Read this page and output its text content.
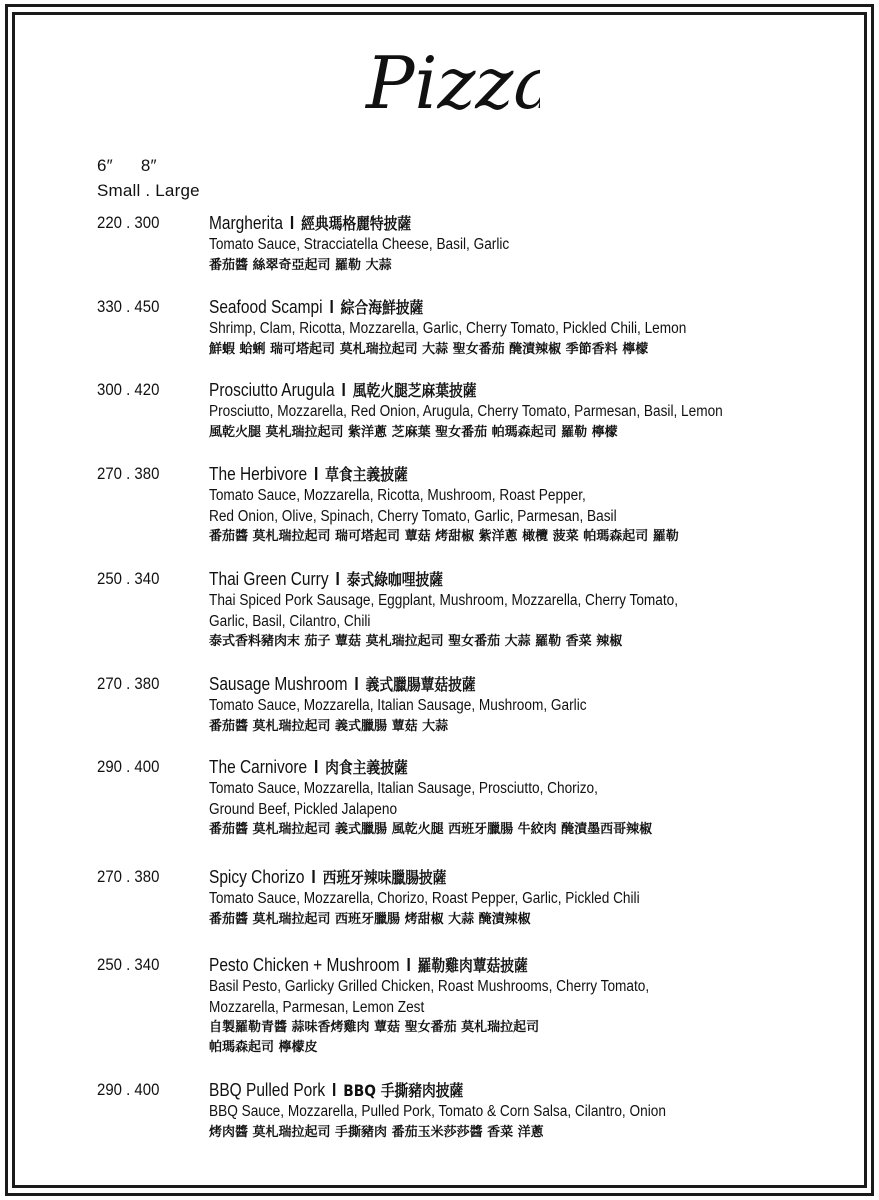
Pizza
6″ 8″
Small . Large
220 . 300	Margherita I 經典瑪格麗特披薩
Tomato Sauce, Stracciatella Cheese, Basil, Garlic
番茄醬 絲翠奇亞起司 羅勒 大蒜
330 . 450	Seafood Scampi I 綜合海鮮披薩
Shrimp, Clam, Ricotta, Mozzarella, Garlic, Cherry Tomato, Pickled Chili, Lemon
鮮蝦 蛤蜊 瑞可塔起司 莫札瑞拉起司 大蒜 聖女番茄 醃漬辣椒 季節香料 檸檬
300 . 420	Prosciutto Arugula I 風乾火腿芝麻葉披薩
Prosciutto, Mozzarella, Red Onion, Arugula, Cherry Tomato, Parmesan, Basil, Lemon
風乾火腿 莫札瑞拉起司 紫洋蔥 芝麻葉 聖女番茄 帕瑪森起司 羅勒 檸檬
270 . 380	The Herbivore I 草食主義披薩
Tomato Sauce, Mozzarella, Ricotta, Mushroom, Roast Pepper,
Red Onion, Olive, Spinach, Cherry Tomato, Garlic, Parmesan, Basil
番茄醬 莫札瑞拉起司 瑞可塔起司 蕈菇 烤甜椒 紫洋蔥 橄欖 菠菜 帕瑪森起司 羅勒
250 . 340	Thai Green Curry I 泰式綠咖哩披薩
Thai Spiced Pork Sausage, Eggplant, Mushroom, Mozzarella, Cherry Tomato,
Garlic, Basil, Cilantro, Chili
泰式香料豬肉末 茄子 蕈菇 莫札瑞拉起司 聖女番茄 大蒜 羅勒 香菜 辣椒
270 . 380	Sausage Mushroom I 義式臘腸蕈菇披薩
Tomato Sauce, Mozzarella, Italian Sausage, Mushroom, Garlic
番茄醬 莫札瑞拉起司 義式臘腸 蕈菇 大蒜
290 . 400	The Carnivore I 肉食主義披薩
Tomato Sauce, Mozzarella, Italian Sausage, Prosciutto, Chorizo,
Ground Beef, Pickled Jalapeno
番茄醬 莫札瑞拉起司 義式臘腸 風乾火腿 西班牙臘腸 牛絞肉 醃漬墨西哥辣椒
270 . 380	Spicy Chorizo I 西班牙辣味臘腸披薩
Tomato Sauce, Mozzarella, Chorizo, Roast Pepper, Garlic, Pickled Chili
番茄醬 莫札瑞拉起司 西班牙臘腸 烤甜椒 大蒜 醃漬辣椒
250 . 340	Pesto Chicken + Mushroom I 羅勒雞肉蕈菇披薩
Basil Pesto, Garlicky Grilled Chicken, Roast Mushrooms, Cherry Tomato,
Mozzarella, Parmesan, Lemon Zest
自製羅勒青醬 蒜味香烤雞肉 蕈菇 聖女番茄 莫札瑞拉起司
帕瑪森起司 檸檬皮
290 . 400	BBQ Pulled Pork I BBQ 手撕豬肉披薩
BBQ Sauce, Mozzarella, Pulled Pork, Tomato & Corn Salsa, Cilantro, Onion
烤肉醬 莫札瑞拉起司 手撕豬肉 番茄玉米莎莎醬 香菜 洋蔥
